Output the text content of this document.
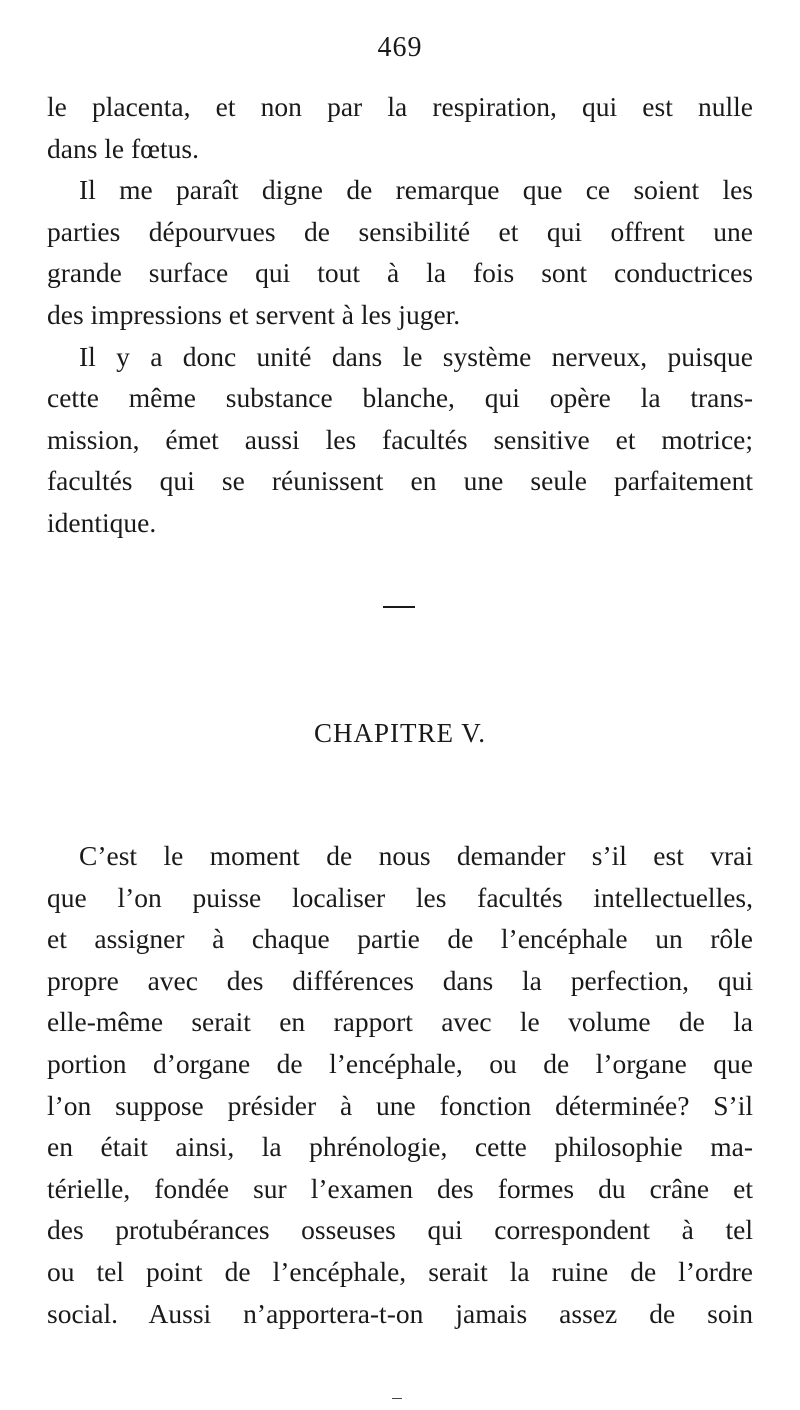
469
le placenta, et non par la respiration, qui est nulle
dans le fœtus.
Il me paraît digne de remarque que ce soient les
parties dépourvues de sensibilité et qui offrent une
grande surface qui tout à la fois sont conductrices
des impressions et servent à les juger.
Il y a donc unité dans le système nerveux, puisque
cette même substance blanche, qui opère la trans-
mission, émet aussi les facultés sensitive et motrice;
facultés qui se réunissent en une seule parfaitement
identique.
CHAPITRE V.
C’est le moment de nous demander s’il est vrai
que l’on puisse localiser les facultés intellectuelles,
et assigner à chaque partie de l’encéphale un rôle
propre avec des différences dans la perfection, qui
elle-même serait en rapport avec le volume de la
portion d’organe de l’encéphale, ou de l’organe que
l’on suppose présider à une fonction déterminée? S’il
en était ainsi, la phrénologie, cette philosophie ma-
térielle, fondée sur l’examen des formes du crâne et
des protubérances osseuses qui correspondent à tel
ou tel point de l’encéphale, serait la ruine de l’ordre
social. Aussi n’apportera-t-on jamais assez de soin
